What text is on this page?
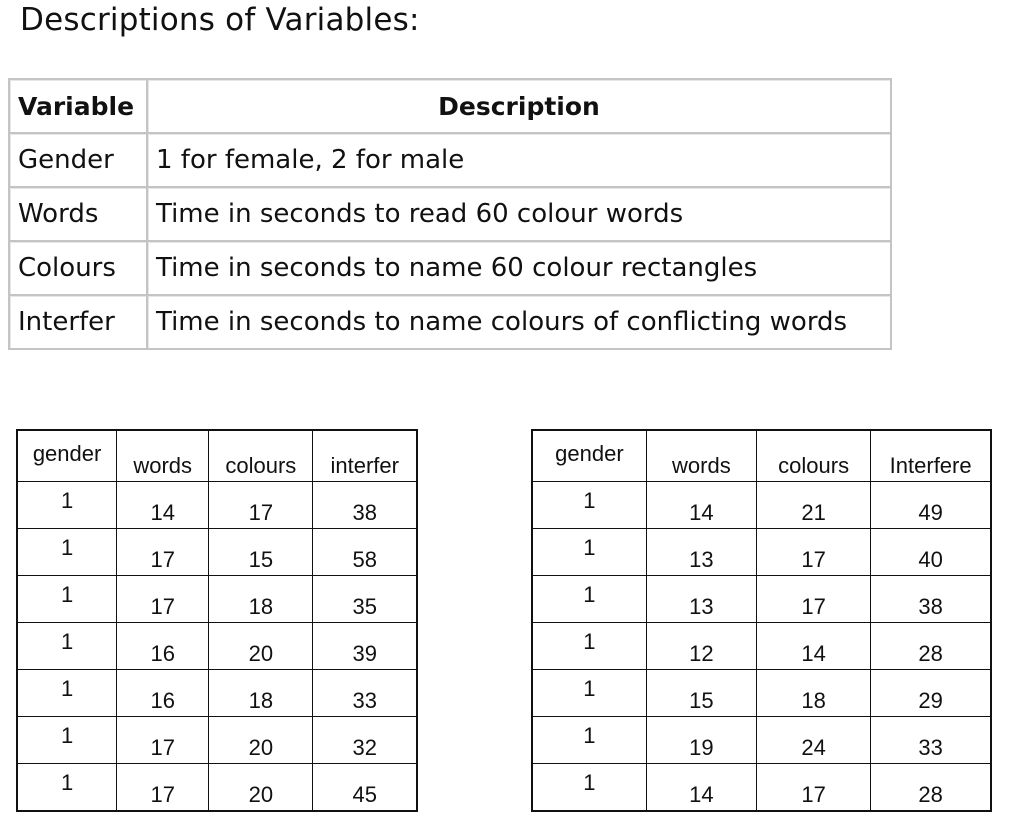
Descriptions of Variables:
Variable	Description
Gender	1 for female, 2 for male
Words	Time in seconds to read 60 colour words
Colours	Time in seconds to name 60 colour rectangles
Interfer	Time in seconds to name colours of conflicting words
gender	words	colours	interfer
1	14	17	38
1	17	15	58
1	17	18	35
1	16	20	39
1	16	18	33
1	17	20	32
1	17	20	45
gender	words	colours	Interfere
1	14	21	49
1	13	17	40
1	13	17	38
1	12	14	28
1	15	18	29
1	19	24	33
1	14	17	28
